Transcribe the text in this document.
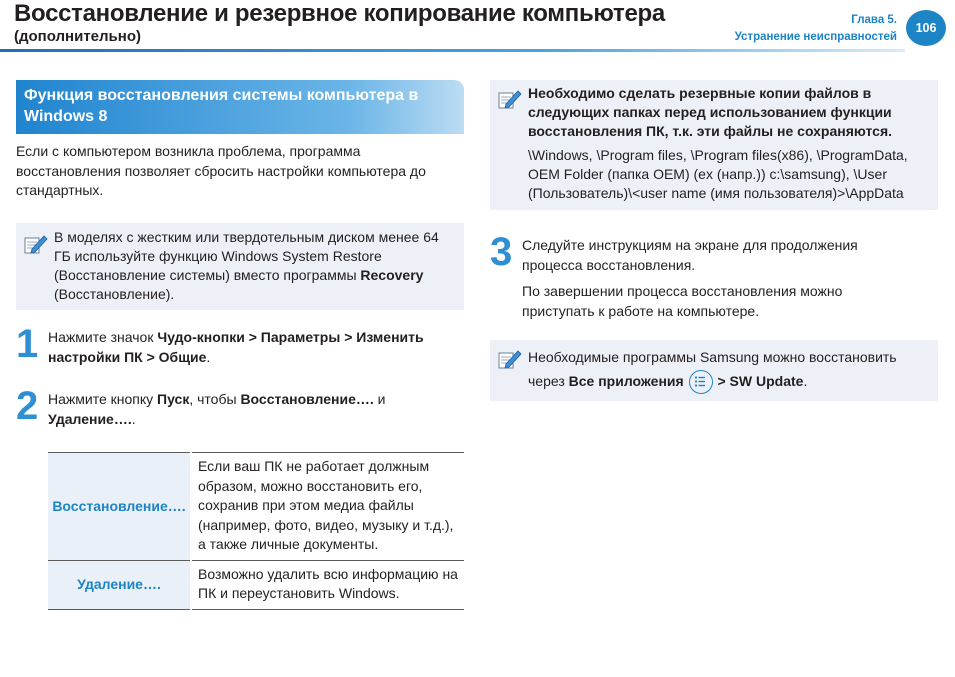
Восстановление и резервное копирование компьютера
(дополнительно)
Глава 5.
Устранение неисправностей
106
Функция восстановления системы компьютера в Windows 8
Если с компьютером возникла проблема, программа восстановления позволяет сбросить настройки компьютера до стандартных.
В моделях с жестким или твердотельным диском менее 64 ГБ используйте функцию Windows System Restore (Восстановление системы) вместо программы Recovery (Восстановление).
1 Нажмите значок Чудо-кнопки > Параметры > Изменить настройки ПК > Общие.
2 Нажмите кнопку Пуск, чтобы Восстановление…. и Удаление…..
Восстановление….	Если ваш ПК не работает должным образом, можно восстановить его, сохранив при этом медиа файлы (например, фото, видео, музыку и т.д.), а также личные документы.
Удаление….	Возможно удалить всю информацию на ПК и переустановить Windows.
Необходимо сделать резервные копии файлов в следующих папках перед использованием функции восстановления ПК, т.к. эти файлы не сохраняются.
\Windows, \Program files, \Program files(x86), \ProgramData, OEM Folder (папка OEM) (ex (напр.)) c:\samsung), \User (Пользователь)\<user name (имя пользователя)>\AppData
3 Следуйте инструкциям на экране для продолжения процесса восстановления.
По завершении процесса восстановления можно приступать к работе на компьютере.
Необходимые программы Samsung можно восстановить через Все приложения > SW Update.
